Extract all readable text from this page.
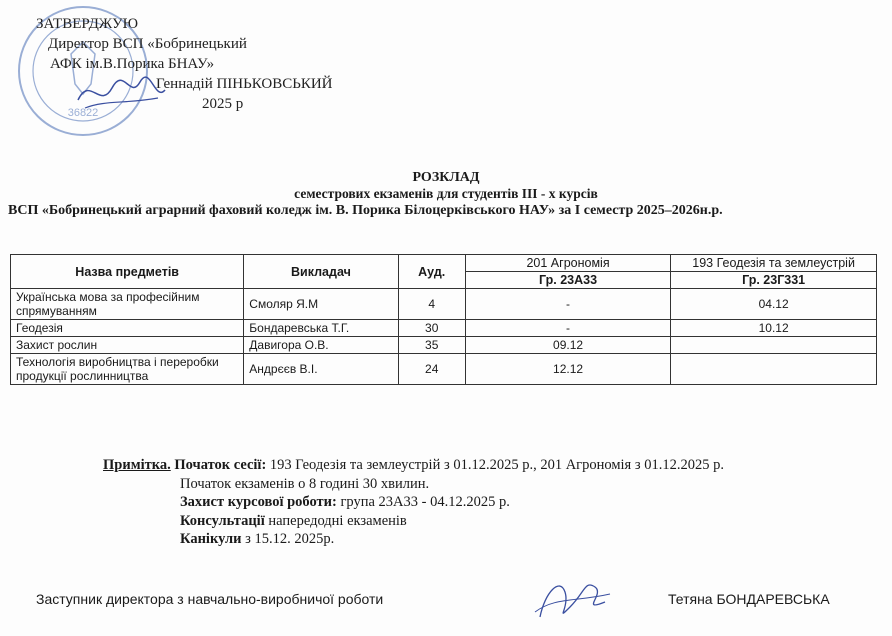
36822
ЗАТВЕРДЖУЮ
Директор ВСП «Бобринецький
АФК ім.В.Порика БНАУ»
Геннадій ПІНЬКОВСЬКИЙ
2025 р
РОЗКЛАД
семестрових екзаменів для студентів ІІІ - х курсів
ВСП «Бобринецький аграрний фаховий коледж ім. В. Порика Білоцерківського НАУ» за І семестр 2025–2026н.р.
Назва предметів	Викладач	Ауд.	201 Агрономія	193 Геодезія та землеустрій
			Гр. 23А33	Гр. 23Г331
Українська мова за професійним спрямуванням	Смоляр Я.М	4	-	04.12
Геодезія	Бондаревська Т.Г.	30	-	10.12
Захист рослин	Давигора О.В.	35	09.12	
Технологія виробництва і переробки продукції рослинництва	Андрєєв В.І.	24	12.12	
Примітка. Початок сесії: 193 Геодезія та землеустрій з 01.12.2025 р., 201 Агрономія з 01.12.2025 р.
Початок екзаменів о 8 годині 30 хвилин.
Захист курсової роботи: група 23А33 - 04.12.2025 р.
Консультації напередодні екзаменів
Канікули з 15.12. 2025р.
Заступник директора з навчально-виробничої роботи	Тетяна БОНДАРЕВСЬКА
